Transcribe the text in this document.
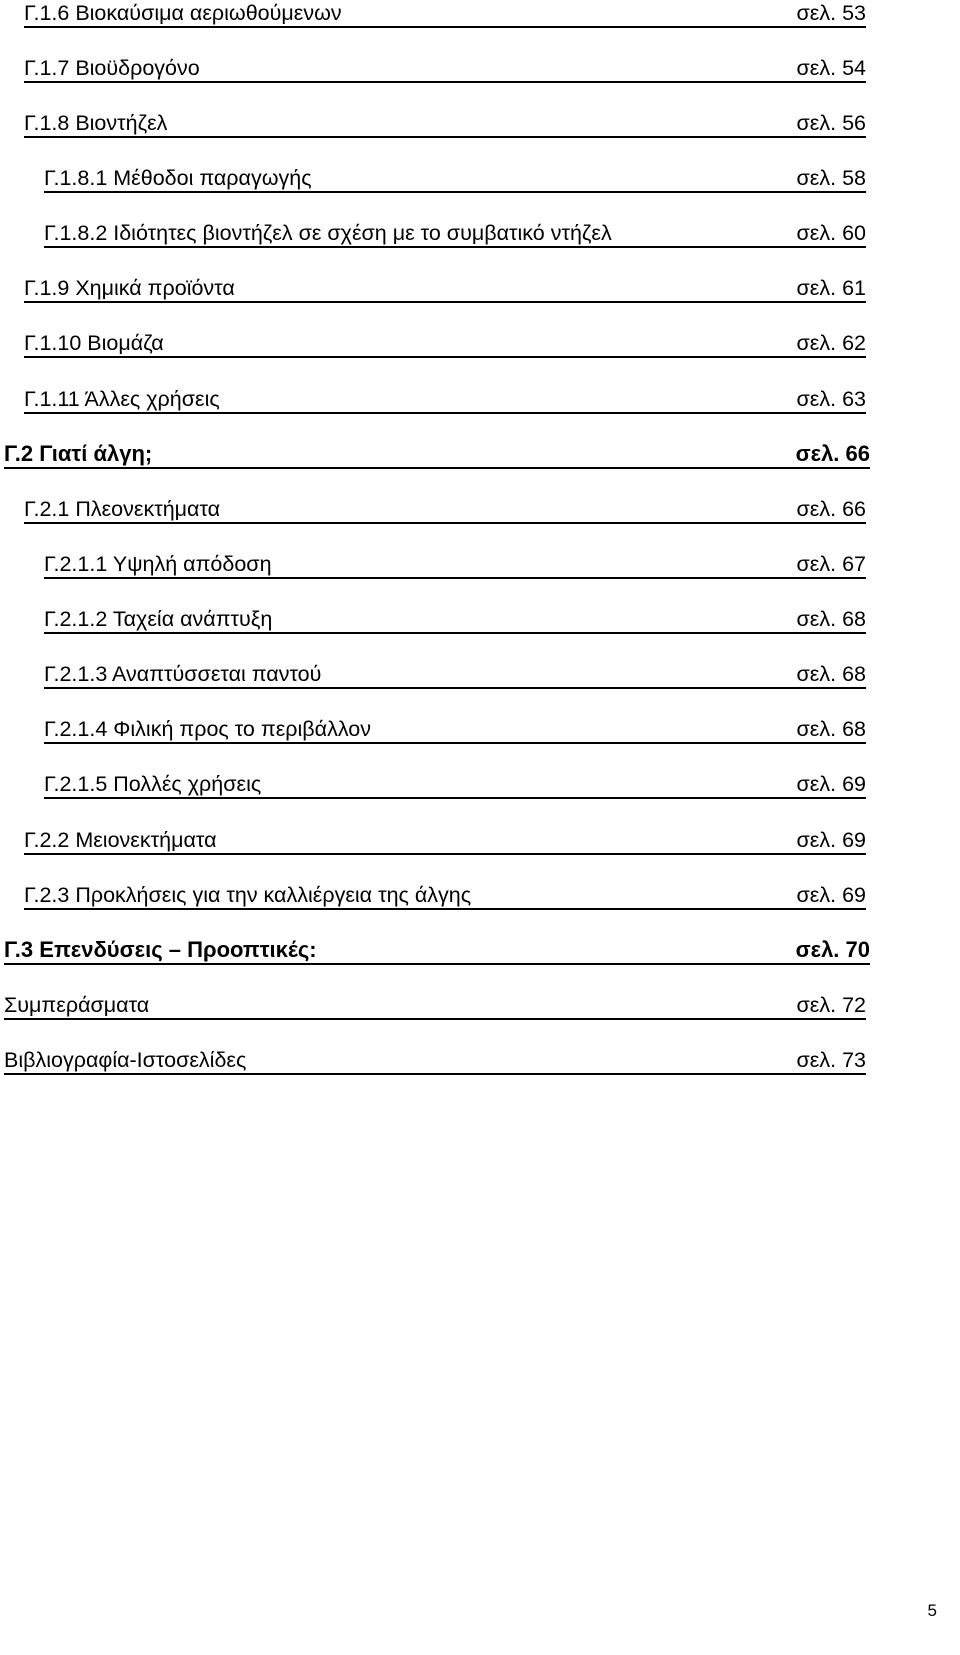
Γ.1.6 Βιοκαύσιμα αεριωθούμενων	σελ. 53
Γ.1.7 Βιοϋδρογόνο	σελ. 54
Γ.1.8 Βιοντήζελ	σελ. 56
Γ.1.8.1 Μέθοδοι παραγωγής	σελ. 58
Γ.1.8.2 Ιδιότητες βιοντήζελ σε σχέση με το συμβατικό ντήζελ	σελ. 60
Γ.1.9 Χημικά προϊόντα	σελ. 61
Γ.1.10 Βιομάζα	σελ. 62
Γ.1.11 Άλλες χρήσεις	σελ. 63
Γ.2 Γιατί άλγη;	σελ. 66
Γ.2.1 Πλεονεκτήματα	σελ. 66
Γ.2.1.1 Υψηλή απόδοση	σελ. 67
Γ.2.1.2 Ταχεία ανάπτυξη	σελ. 68
Γ.2.1.3 Αναπτύσσεται παντού	σελ. 68
Γ.2.1.4 Φιλική προς το περιβάλλον	σελ. 68
Γ.2.1.5 Πολλές χρήσεις	σελ. 69
Γ.2.2 Μειονεκτήματα	σελ. 69
Γ.2.3 Προκλήσεις για την καλλιέργεια της άλγης	σελ. 69
Γ.3 Επενδύσεις – Προοπτικές:	σελ. 70
Συμπεράσματα	σελ. 72
Βιβλιογραφία-Ιστοσελίδες	σελ. 73
5
